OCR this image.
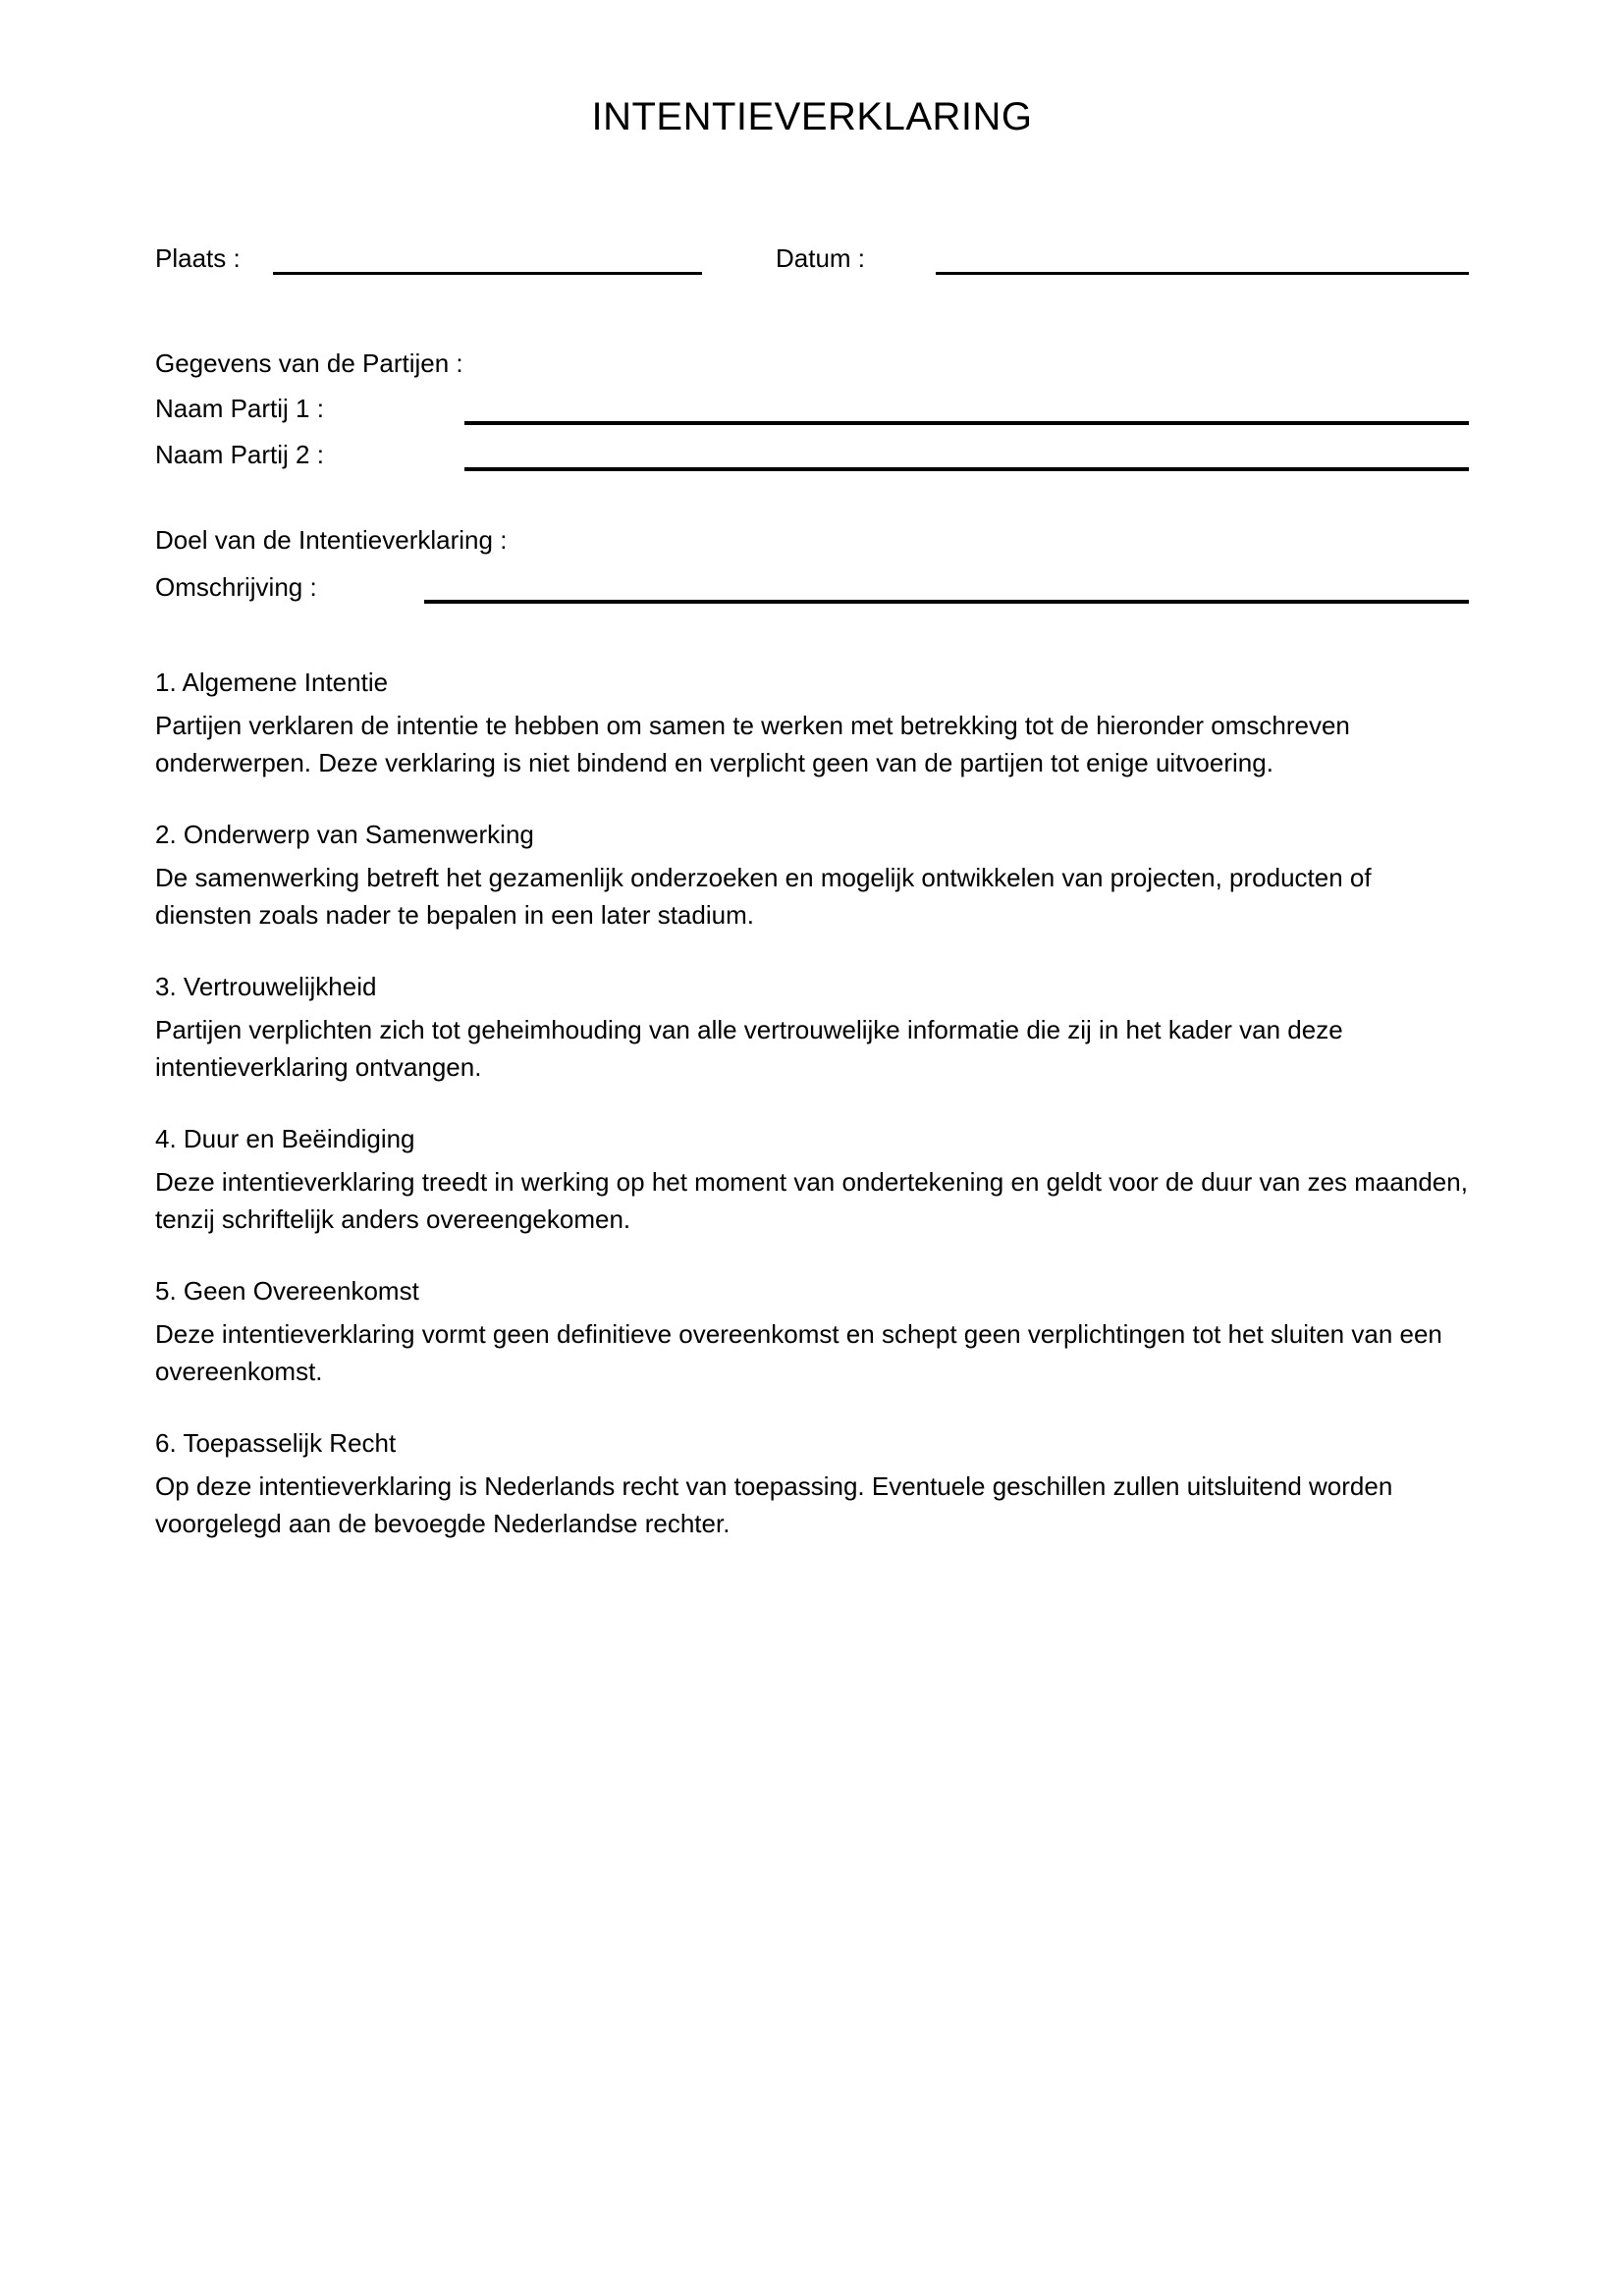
INTENTIEVERKLARING
Plaats :	Datum :
Gegevens van de Partijen :
Naam Partij 1 :
Naam Partij 2 :
Doel van de Intentieverklaring :
Omschrijving :
1. Algemene Intentie

Partijen verklaren de intentie te hebben om samen te werken met betrekking tot de hieronder omschreven onderwerpen. Deze verklaring is niet bindend en verplicht geen van de partijen tot enige uitvoering.

2. Onderwerp van Samenwerking

De samenwerking betreft het gezamenlijk onderzoeken en mogelijk ontwikkelen van projecten, producten of diensten zoals nader te bepalen in een later stadium.

3. Vertrouwelijkheid

Partijen verplichten zich tot geheimhouding van alle vertrouwelijke informatie die zij in het kader van deze intentieverklaring ontvangen.

4. Duur en Beëindiging

Deze intentieverklaring treedt in werking op het moment van ondertekening en geldt voor de duur van zes maanden, tenzij schriftelijk anders overeengekomen.

5. Geen Overeenkomst

Deze intentieverklaring vormt geen definitieve overeenkomst en schept geen verplichtingen tot het sluiten van een overeenkomst.

6. Toepasselijk Recht

Op deze intentieverklaring is Nederlands recht van toepassing. Eventuele geschillen zullen uitsluitend worden voorgelegd aan de bevoegde Nederlandse rechter.
